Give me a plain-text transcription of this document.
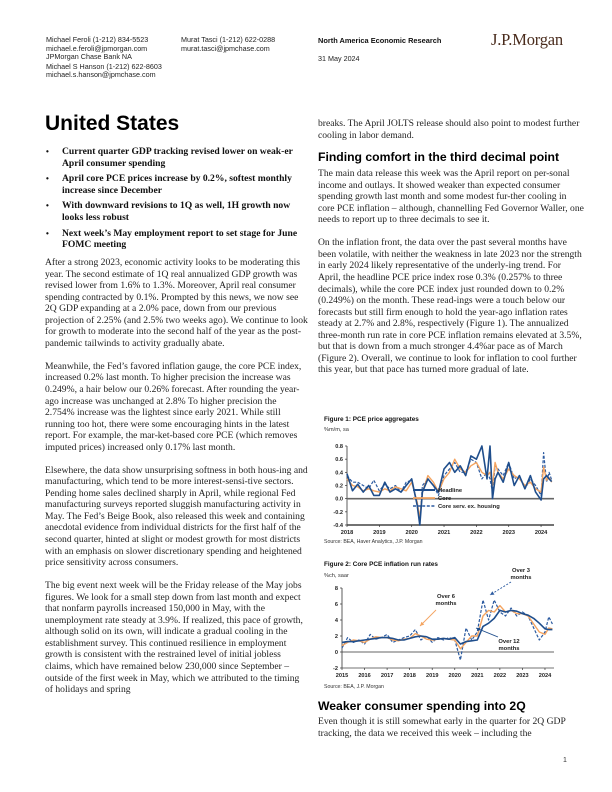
Michael Feroli (1-212) 834-5523
michael.e.feroli@jpmorgan.com
JPMorgan Chase Bank NA
Michael S Hanson (1-212) 622-8603
michael.s.hanson@jpmchase.com
Murat Tasci (1-212) 622-0288
murat.tasci@jpmchase.com
North America Economic Research
31 May 2024
J.P.Morgan
United States
• Current quarter GDP tracking revised lower on weak-er April consumer spending
• April core PCE prices increase by 0.2%, softest monthly increase since December
• With downward revisions to 1Q as well, 1H growth now looks less robust
• Next week’s May employment report to set stage for June FOMC meeting

After a strong 2023, economic activity looks to be moderating this year. The second estimate of 1Q real annualized GDP growth was revised lower from 1.6% to 1.3%. Moreover, April real consumer spending contracted by 0.1%. Prompted by this news, we now see 2Q GDP expanding at a 2.0% pace, down from our previous projection of 2.25% (and 2.5% two weeks ago). We continue to look for growth to moderate into the second half of the year as the post-pandemic tailwinds to activity gradually abate.

Meanwhile, the Fed’s favored inflation gauge, the core PCE index, increased 0.2% last month. To higher precision the increase was 0.249%, a hair below our 0.26% forecast. After rounding the year-ago increase was unchanged at 2.8% To higher precision the 2.754% increase was the lightest since early 2021. While still running too hot, there were some encouraging hints in the latest report. For example, the mar-ket-based core PCE (which removes imputed prices) increased only 0.17% last month.

Elsewhere, the data show unsurprising softness in both hous-ing and manufacturing, which tend to be more interest-sensi-tive sectors. Pending home sales declined sharply in April, while regional Fed manufacturing surveys reported sluggish manufacturing activity in May. The Fed’s Beige Book, also released this week and containing anecdotal evidence from individual districts for the first half of the second quarter, hinted at slight or modest growth for most districts with an emphasis on slower discretionary spending and heightened price sensitivity across consumers.

The big event next week will be the Friday release of the May jobs figures. We look for a small step down from last month and expect that nonfarm payrolls increased 150,000 in May, with the unemployment rate steady at 3.9%. If realized, this pace of growth, although solid on its own, will indicate a gradual cooling in the establishment survey. This continued resilience in employment growth is consistent with the restrained level of initial jobless claims, which have remained below 230,000 since September – outside of the first week in May, which we attributed to the timing of holidays and spring

breaks. The April JOLTS release should also point to modest further cooling in labor demand.

Finding comfort in the third decimal point

The main data release this week was the April report on per-sonal income and outlays. It showed weaker than expected consumer spending growth last month and some modest fur-ther cooling in core PCE inflation – although, channelling Fed Governor Waller, one needs to report up to three decimals to see it.

On the inflation front, the data over the past several months have been volatile, with neither the weakness in late 2023 nor the strength in early 2024 likely representative of the underly-ing trend. For April, the headline PCE price index rose 0.3% (0.257% to three decimals), while the core PCE index just rounded down to 0.2% (0.249%) on the month. These read-ings were a touch below our forecasts but still firm enough to hold the year-ago inflation rates steady at 2.7% and 2.8%, respectively (Figure 1). The annualized three-month run rate in core PCE inflation remains elevated at 3.5%, but that is down from a much stronger 4.4%ar pace as of March (Figure 2). Overall, we continue to look for inflation to cool further this year, but that pace has turned more gradual of late.

Figure 1: PCE price aggregates
%m/m, sa
0.8
0.6
0.4
0.2
0.0
-0.2
-0.4
2018	2019	2020	2021	2022	2023	2024
Headline
Core
Core serv. ex. housing
Source: BEA, Haver Analytics, J.P. Morgan
Figure 2: Core PCE inflation run rates
%ch, saar
8
6
4
2
0
-2
2015 2016 2017 2018 2019 2020 2021 2022 2023 2024
Over 3
months
Over 6
months
Over 12
months
Source: BEA, J.P. Morgan
Weaker consumer spending into 2Q

Even though it is still somewhat early in the quarter for 2Q GDP tracking, the data we received this week – including the

1
